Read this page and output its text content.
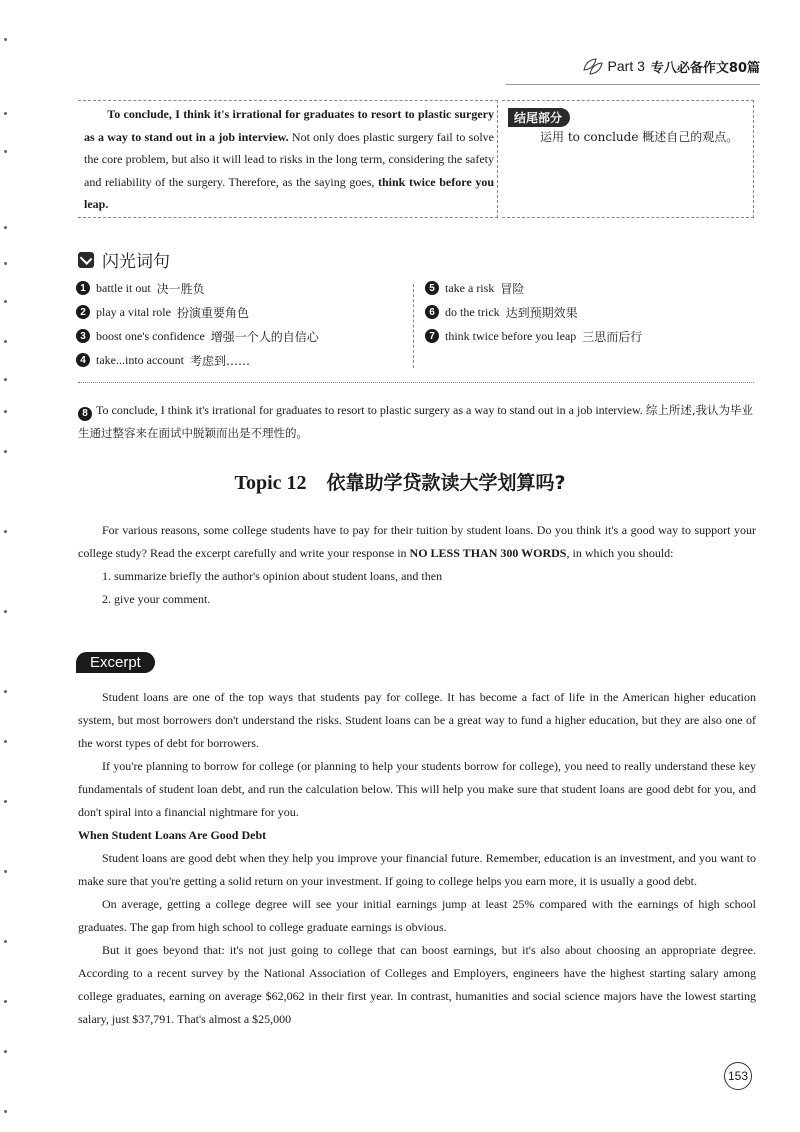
Part 3 专八必备作文80篇
To conclude, I think it's irrational for graduates to resort to plastic surgery as a way to stand out in a job interview. Not only does plastic surgery fail to solve the core problem, but also it will lead to risks in the long term, considering the safety and reliability of the surgery. Therefore, as the saying goes, think twice before you leap.
结尾部分
运用 to conclude 概述自己的观点。
闪光词句
1 battle it out 决一胜负
2 play a vital role 扮演重要角色
3 boost one's confidence 增强一个人的自信心
4 take...into account 考虑到……
5 take a risk 冒险
6 do the trick 达到预期效果
7 think twice before you leap 三思而后行
8 To conclude, I think it's irrational for graduates to resort to plastic surgery as a way to stand out in a job interview. 综上所述,我认为毕业生通过整容来在面试中脱颖而出是不理性的。
Topic 12 依靠助学贷款读大学划算吗?

For various reasons, some college students have to pay for their tuition by student loans. Do you think it's a good way to support your college study? Read the excerpt carefully and write your response in NO LESS THAN 300 WORDS, in which you should:

1. summarize briefly the author's opinion about student loans, and then
2. give your comment.
Excerpt

Student loans are one of the top ways that students pay for college. It has become a fact of life in the American higher education system, but most borrowers don't understand the risks. Student loans can be a great way to fund a higher education, but they are also one of the worst types of debt for borrowers.

If you're planning to borrow for college (or planning to help your students borrow for college), you need to really understand these key fundamentals of student loan debt, and run the calculation below. This will help you make sure that student loans are good debt for you, and don't spiral into a financial nightmare for you.

When Student Loans Are Good Debt

Student loans are good debt when they help you improve your financial future. Remember, education is an investment, and you want to make sure that you're getting a solid return on your investment. If going to college helps you earn more, it is usually a good debt.

On average, getting a college degree will see your initial earnings jump at least 25% compared with the earnings of high school graduates. The gap from high school to college graduate earnings is obvious.

But it goes beyond that: it's not just going to college that can boost earnings, but it's also about choosing an appropriate degree. According to a recent survey by the National Association of Colleges and Employers, engineers have the highest starting salary among college graduates, earning on average $62,062 in their first year. In contrast, humanities and social science majors have the lowest starting salary, just $37,791. That's almost a $25,000

153
